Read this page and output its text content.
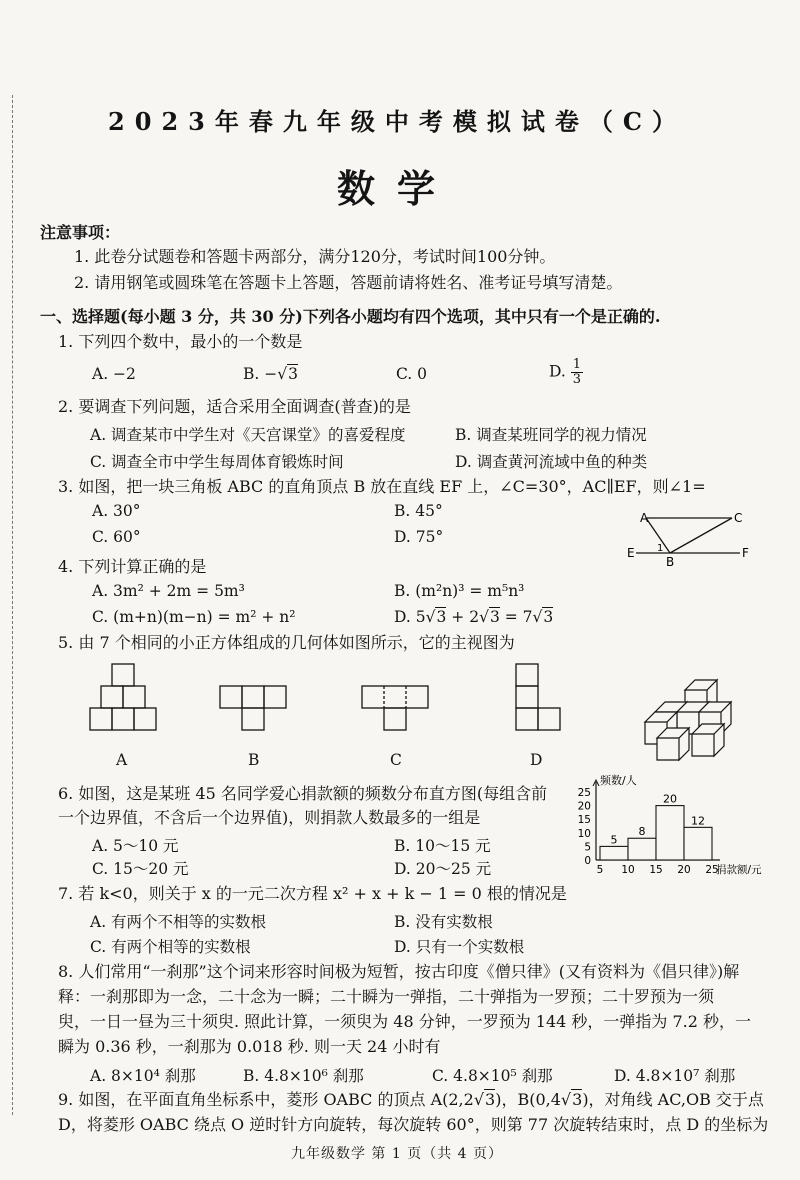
2023年春九年级中考模拟试卷（C）
数学
注意事项：
1. 此卷分试题卷和答题卡两部分，满分120分，考试时间100分钟。
2. 请用钢笔或圆珠笔在答题卡上答题，答题前请将姓名、准考证号填写清楚。
一、选择题(每小题 3 分，共 30 分)下列各小题均有四个选项，其中只有一个是正确的.
1. 下列四个数中，最小的一个数是
A. −2	B. −√3	C. 0	D. $\frac{1}{3}$
2. 要调查下列问题，适合采用全面调查(普查)的是
A. 调查某市中学生对《天宫课堂》的喜爱程度	B. 调查某班同学的视力情况
C. 调查全市中学生每周体育锻炼时间	D. 调查黄河流域中鱼的种类
3. 如图，把一块三角板 ABC 的直角顶点 B 放在直线 EF 上，∠C=30°，AC∥EF，则∠1=
A. 30°	B. 45°
C. 60°	D. 75°
A	C
E	F
B
1
4. 下列计算正确的是
A. 3m² + 2m = 5m³	B. (m²n)³ = m⁵n³
C. (m+n)(m−n) = m² + n²	D. 5√3 + 2√3 = 7√3
5. 由 7 个相同的小正方体组成的几何体如图所示，它的主视图为
A	B	C	D
6. 如图，这是某班 45 名同学爱心捐款额的频数分布直方图(每组含前
一个边界值，不含后一个边界值)，则捐款人数最多的一组是
A. 5～10 元	B. 10～15 元
C. 15～20 元	D. 20～25 元
频数/人
0
5
10
15
20
25
5
8
20
12
5 10 15 20 25
捐款额/元
7. 若 k<0，则关于 x 的一元二次方程 x² + x + k − 1 = 0 根的情况是
A. 有两个不相等的实数根	B. 没有实数根
C. 有两个相等的实数根	D. 只有一个实数根
8. 人们常用“一刹那”这个词来形容时间极为短暂，按古印度《僧只律》(又有资料为《倡只律》)解
释：一刹那即为一念，二十念为一瞬；二十瞬为一弹指，二十弹指为一罗预；二十罗预为一须
臾，一日一昼为三十须臾. 照此计算，一须臾为 48 分钟，一罗预为 144 秒，一弹指为 7.2 秒，一
瞬为 0.36 秒，一刹那为 0.018 秒. 则一天 24 小时有
A. 8×10⁴ 刹那	B. 4.8×10⁶ 刹那	C. 4.8×10⁵ 刹那	D. 4.8×10⁷ 刹那
9. 如图，在平面直角坐标系中，菱形 OABC 的顶点 A(2,2√3)，B(0,4√3)，对角线 AC,OB 交于点
D，将菱形 OABC 绕点 O 逆时针方向旋转，每次旋转 60°，则第 77 次旋转结束时，点 D 的坐标为
九年级数学 第 1 页（共 4 页）
